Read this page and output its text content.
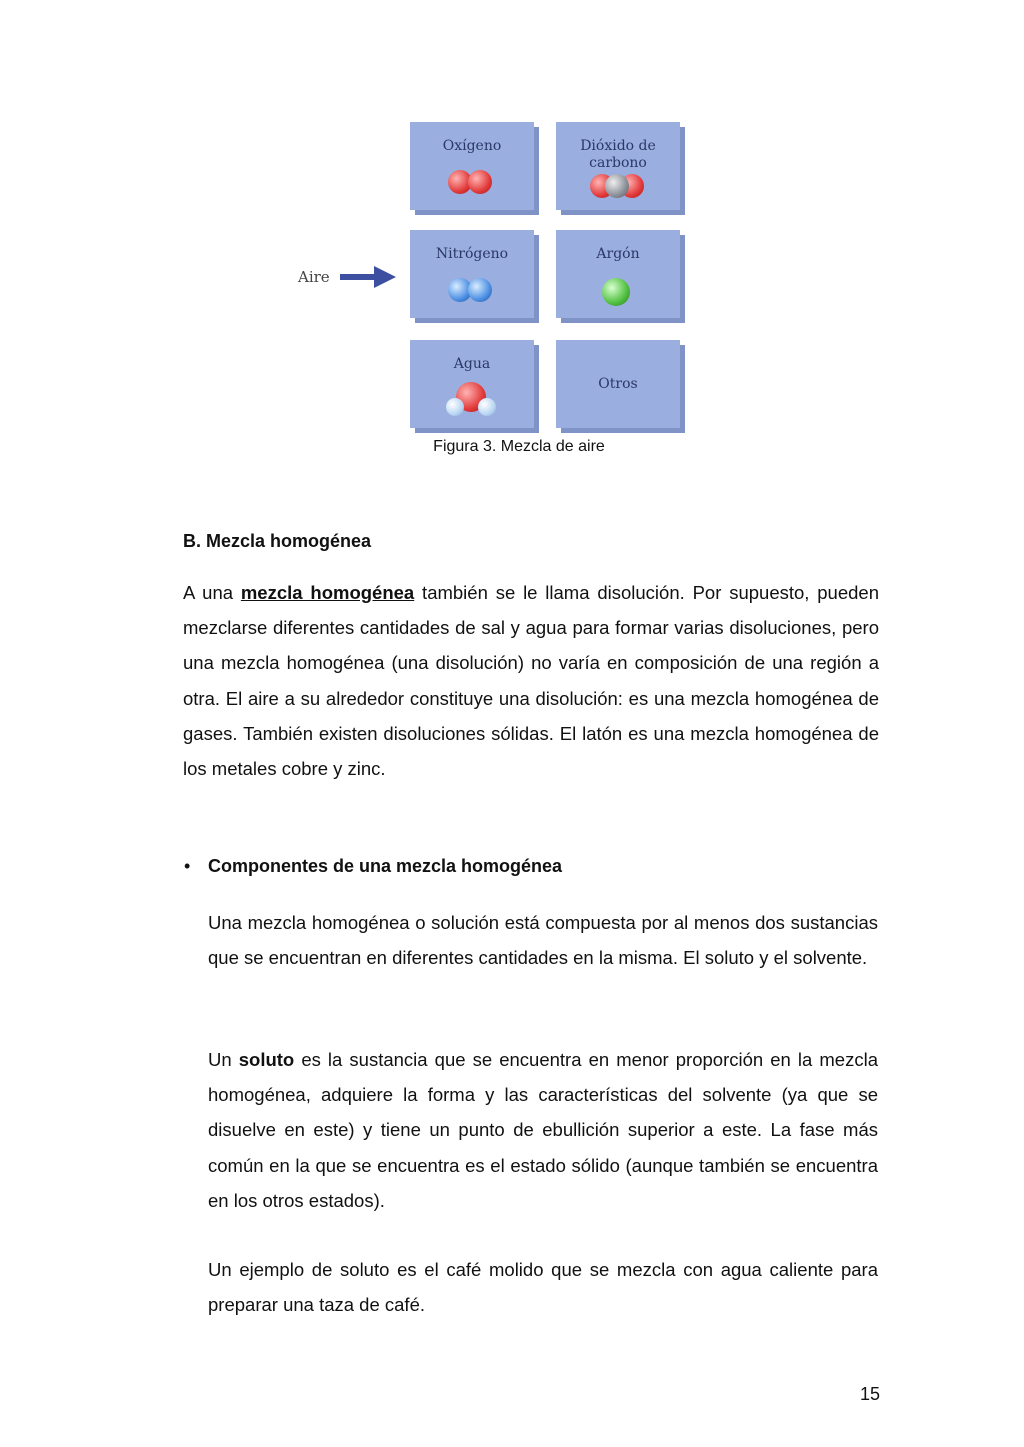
Aire
Oxígeno	Dióxido de carbono
Nitrógeno	Argón
Agua
Otros
Figura 3. Mezcla de aire
B. Mezcla homogénea

A una mezcla homogénea también se le llama disolución. Por supuesto, pueden mezclarse diferentes cantidades de sal y agua para formar varias disoluciones, pero una mezcla homogénea (una disolución) no varía en composición de una región a otra. El aire a su alrededor constituye una disolución: es una mezcla homogénea de gases. También existen disoluciones sólidas. El latón es una mezcla homogénea de los metales cobre y zinc.

• Componentes de una mezcla homogénea

Una mezcla homogénea o solución está compuesta por al menos dos sustancias que se encuentran en diferentes cantidades en la misma. El soluto y el solvente.

Un soluto es la sustancia que se encuentra en menor proporción en la mezcla homogénea, adquiere la forma y las características del solvente (ya que se disuelve en este) y tiene un punto de ebullición superior a este. La fase más común en la que se encuentra es el estado sólido (aunque también se encuentra en los otros estados).

Un ejemplo de soluto es el café molido que se mezcla con agua caliente para preparar una taza de café.

15
